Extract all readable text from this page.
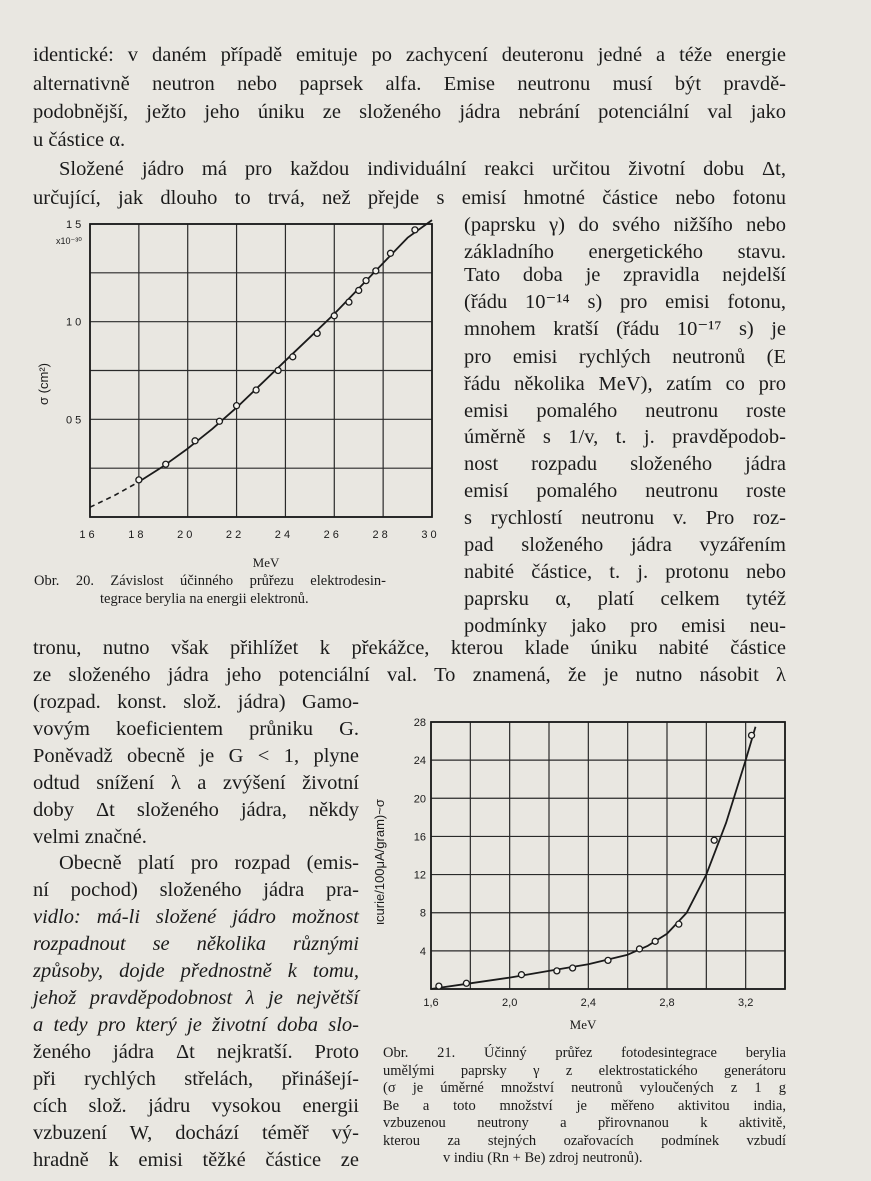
identické: v daném případě emituje po zachycení deuteronu jedné a téže energie
alternativně neutron nebo paprsek alfa. Emise neutronu musí být pravdě-
podobnější, ježto jeho úniku ze složeného jádra nebrání potenciální val jako
u částice α.
Složené jádro má pro každou individuální reakci určitou životní dobu Δt,
určující, jak dlouho to trvá, než přejde s emisí hmotné částice nebo fotonu
(paprsku γ) do svého nižšího nebo
základního energetického stavu.
Tato doba je zpravidla nejdelší
(řádu 10⁻¹⁴ s) pro emisi fotonu,
mnohem kratší (řádu 10⁻¹⁷ s) je
pro emisi rychlých neutronů (E
řádu několika MeV), zatím co pro
emisi pomalého neutronu roste
úměrně s 1/v, t. j. pravděpodob-
nost rozpadu složeného jádra
emisí pomalého neutronu roste
s rychlostí neutronu v. Pro roz-
pad složeného jádra vyzářením
nabité částice, t. j. protonu nebo
paprsku α, platí celkem tytéž
podmínky jako pro emisi neu-
tronu, nutno však přihlížet k překážce, kterou klade úniku nabité částice
ze složeného jádra jeho potenciální val. To znamená, že je nutno násobit λ
(rozpad. konst. slož. jádra) Gamo-
vovým koeficientem průniku G.
Poněvadž obecně je G < 1, plyne
odtud snížení λ a zvýšení životní
doby Δt složeného jádra, někdy
velmi značné.
Obecně platí pro rozpad (emis-
ní pochod) složeného jádra pra-
vidlo: má-li složené jádro možnost
rozpadnout se několika různými
způsoby, dojde přednostně k tomu,
jehož pravděpodobnost λ je největší
a tedy pro který je životní doba slo-
ženého jádra Δt nejkratší. Proto
při rychlých střelách, přinášejí-
cích slož. jádru vysokou energii
vzbuzení W, dochází téměř vý-
hradně k emisi těžké částice ze
1 6	1 8	2 0	2 2	2 4	2 6	2 8	3 0
0 5
1 0
1 5
x10⁻³⁰
σ (cm²)
MeV
Obr. 20. Závislost účinného průřezu elektrodesin-
tegrace berylia na energii elektronů.
1,6	2,0	2,4	2,8	3,2
4
8
12
16
20
24
28
ιcurie/100μA/gram)~σ
MeV
Obr. 21. Účinný průřez fotodesintegrace berylia
umělými paprsky γ z elektrostatického generátoru
(σ je úměrné množství neutronů vyloučených z 1 g
Be a toto množství je měřeno aktivitou india,
vzbuzenou neutrony a přirovnanou k aktivitě,
kterou za stejných ozařovacích podmínek vzbudí
v indiu (Rn + Be) zdroj neutronů).
